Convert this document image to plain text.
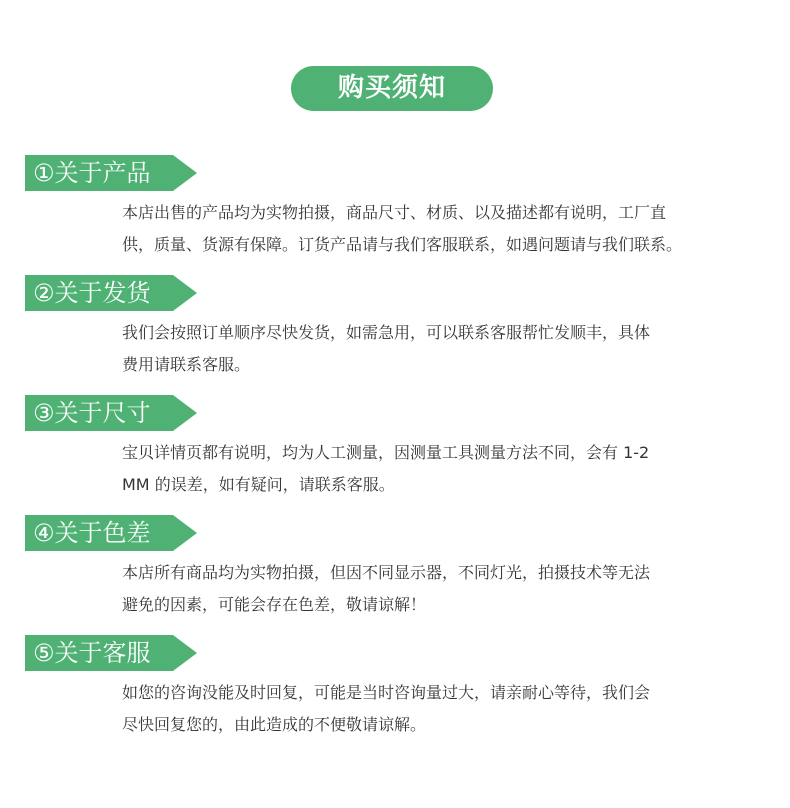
购买须知
①关于产品

本店出售的产品均为实物拍摄，商品尺寸、材质、以及描述都有说明，工厂直

供，质量、货源有保障。订货产品请与我们客服联系，如遇问题请与我们联系。

②关于发货

我们会按照订单顺序尽快发货，如需急用，可以联系客服帮忙发顺丰，具体

费用请联系客服。

③关于尺寸

宝贝详情页都有说明，均为人工测量，因测量工具测量方法不同，会有 1-2

MM 的误差，如有疑问，请联系客服。

④关于色差

本店所有商品均为实物拍摄，但因不同显示器，不同灯光，拍摄技术等无法

避免的因素，可能会存在色差，敬请谅解！

⑤关于客服

如您的咨询没能及时回复，可能是当时咨询量过大，请亲耐心等待，我们会

尽快回复您的，由此造成的不便敬请谅解。
